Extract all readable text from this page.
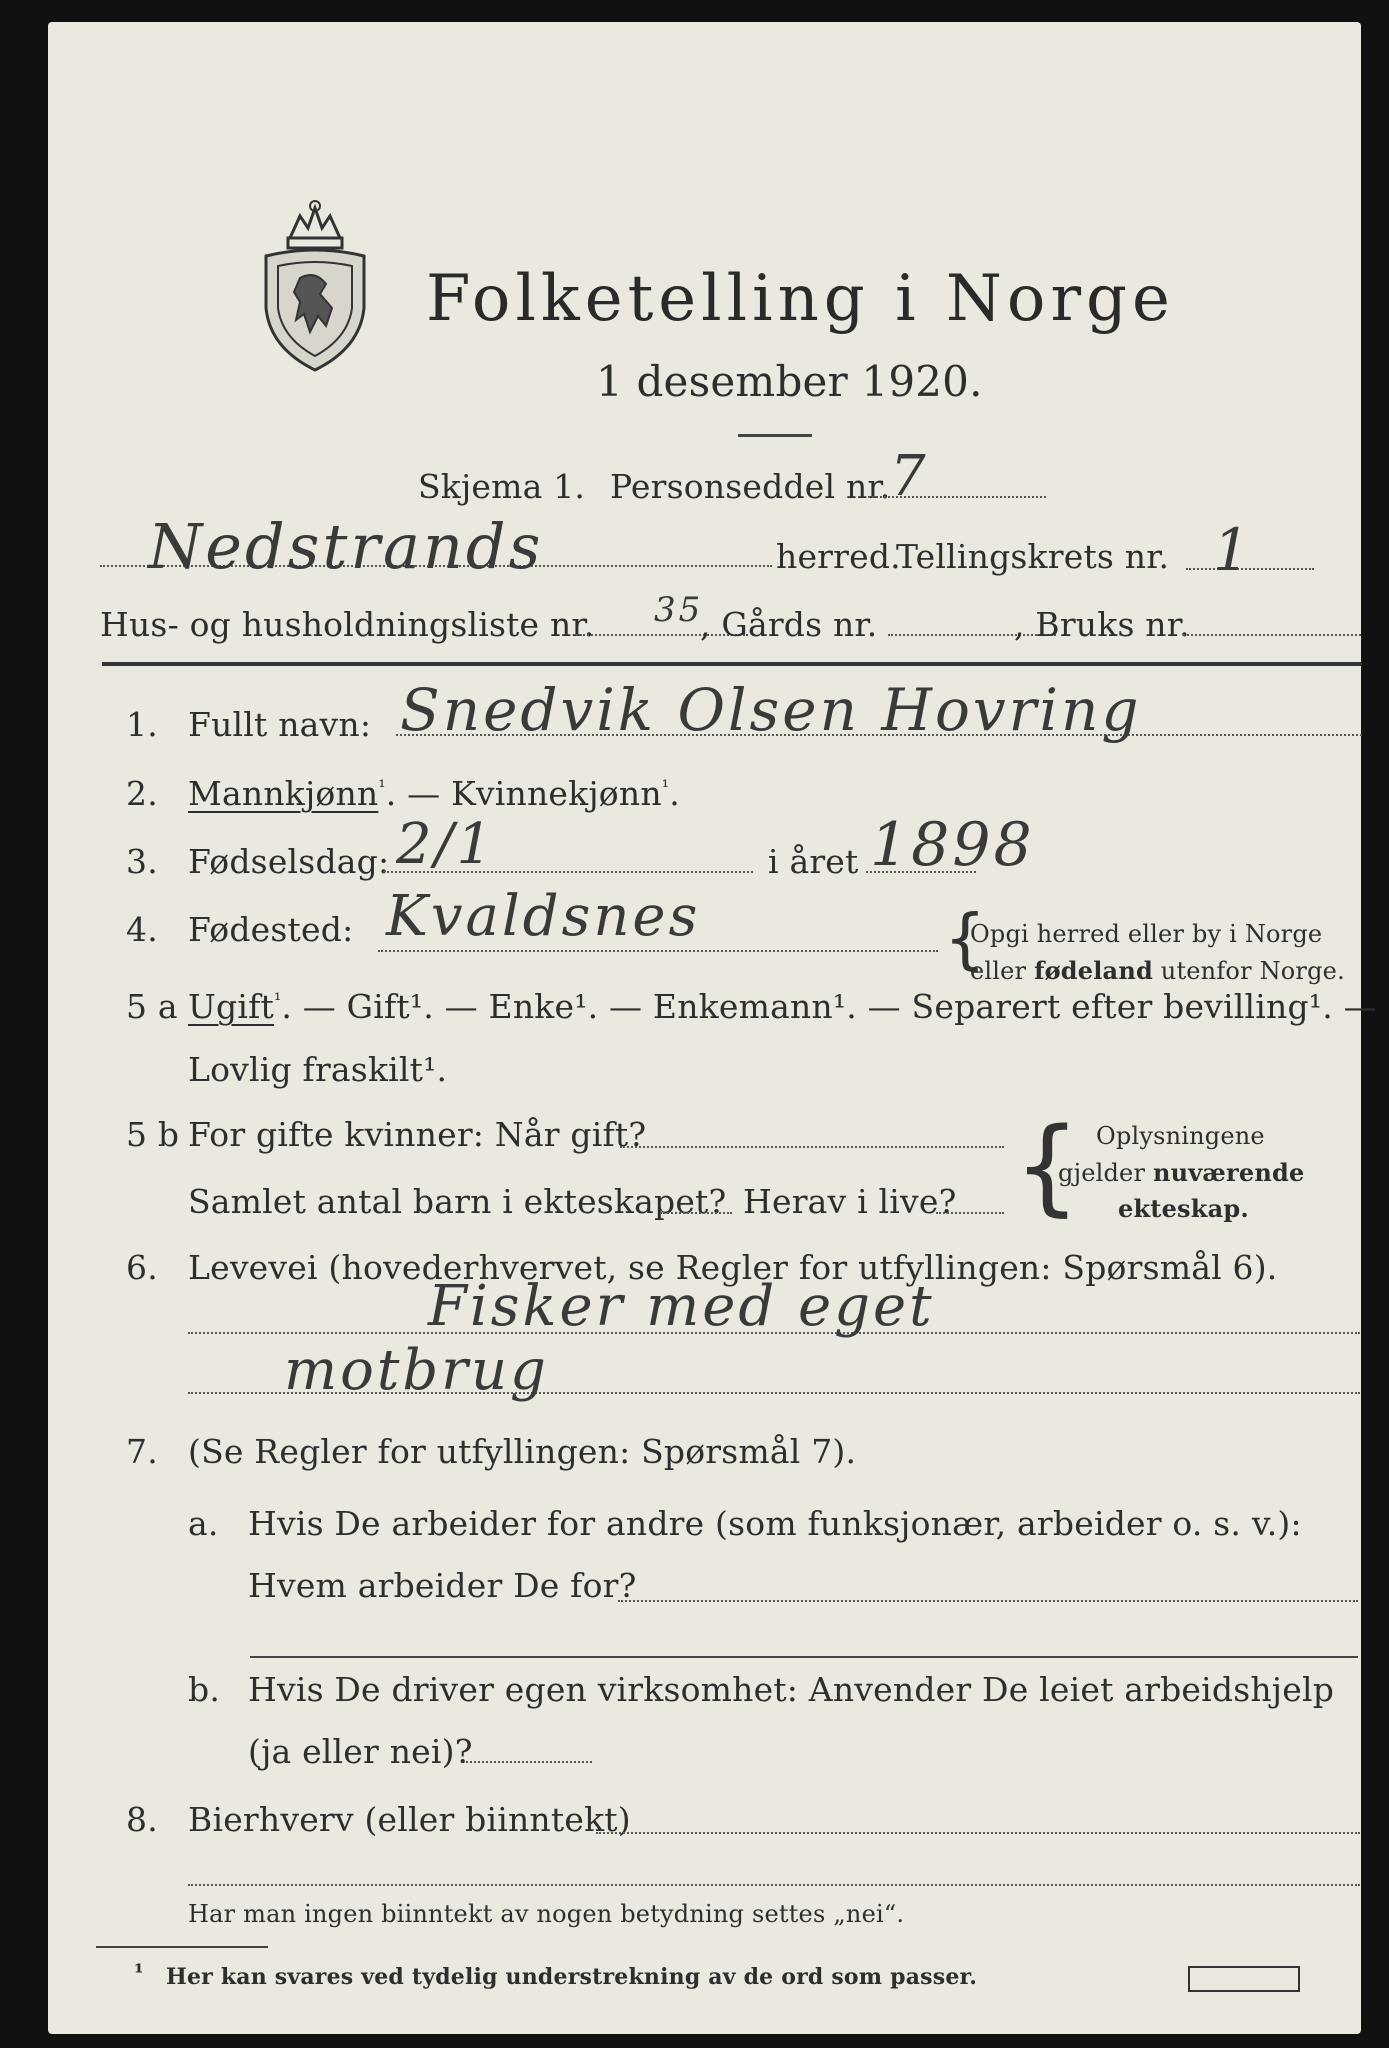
Folketelling i Norge
1 desember 1920.
Skjema 1. Personseddel nr. 7
Nedstrands	herred.
Tellingskrets nr. 1
Hus- og husholdningsliste nr. 35
, Gårds nr.	, Bruks nr.
1. Fullt navn: Snedvik Olsen Hovring
2. Mannkjønn$^{^1}$. — Kvinnekjønn$^{^1}$.
3. Fødselsdag: 2/1	i året 1898
4. Fødested: Kvaldsnes	{
Opgi herred eller by i Norge
eller fødeland utenfor Norge.
5 a Ugift$^{^1}$. — Gift¹. — Enke¹. — Enkemann¹. — Separert efter bevilling¹. —
Lovlig fraskilt¹.
5 b For gifte kvinner: Når gift?
Samlet antal barn i ekteskapet? Herav i live? { Oplysningene
gjelder nuværende
ekteskap.
6. Levevei (hovederhvervet, se Regler for utfyllingen: Spørsmål 6).
Fisker med eget
motbrug
7. (Se Regler for utfyllingen: Spørsmål 7).
a. Hvis De arbeider for andre (som funksjonær, arbeider o. s. v.):
Hvem arbeider De for?
b. Hvis De driver egen virksomhet: Anvender De leiet arbeidshjelp
(ja eller nei)?
8. Bierhverv (eller biinntekt)
Har man ingen biinntekt av nogen betydning settes „nei“.
¹ Her kan svares ved tydelig understrekning av de ord som passer.
